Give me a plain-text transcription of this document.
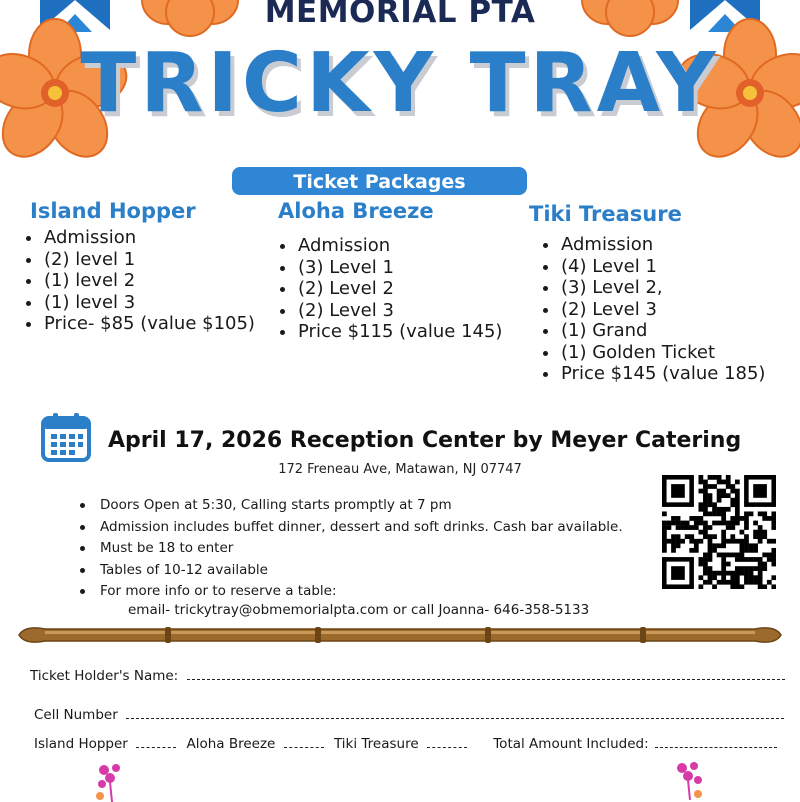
MEMORIAL PTA
TRICKY TRAY
Ticket Packages
Island Hopper
Admission
(2) level 1
(1) level 2
(1) level 3
Price- $85 (value $105)
Aloha Breeze
Admission
(3) Level 1
(2) Level 2
(2) Level 3
Price $115 (value 145)
Tiki Treasure
Admission
(4) Level 1
(3) Level 2,
(2) Level 3
(1) Grand
(1) Golden Ticket
Price $145 (value 185)
April 17, 2026 Reception Center by Meyer Catering
172 Freneau Ave, Matawan, NJ 07747
Doors Open at 5:30, Calling starts promptly at 7 pm
Admission includes buffet dinner, dessert and soft drinks. Cash bar available.
Must be 18 to enter
Tables of 10-12 available
For more info or to reserve a table:
email- trickytray@obmemorialpta.com or call Joanna- 646-358-5133
Ticket Holder's Name:
Cell Number
Island Hopper	Aloha Breeze	Tiki Treasure	Total Amount Included:
